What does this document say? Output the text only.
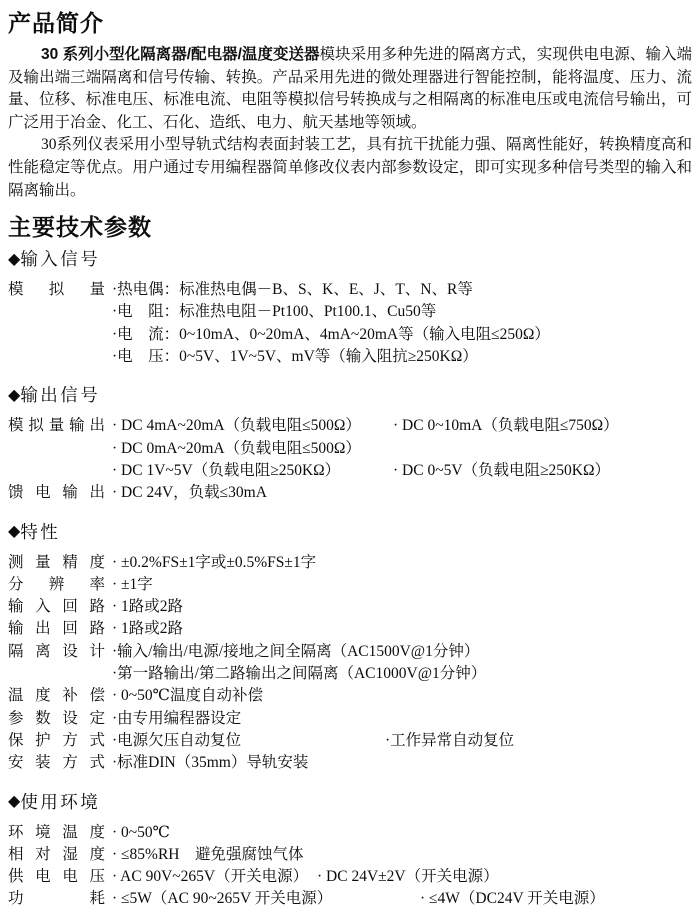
产品简介

30 系列小型化隔离器/配电器/温度变送器模块采用多种先进的隔离方式，实现供电电源、输入端及输出端三端隔离和信号传输、转换。产品采用先进的微处理器进行智能控制，能将温度、压力、流量、位移、标准电压、标准电流、电阻等模拟信号转换成与之相隔离的标准电压或电流信号输出，可广泛用于冶金、化工、石化、造纸、电力、航天基地等领域。

30系列仪表采用小型导轨式结构表面封装工艺，具有抗干扰能力强、隔离性能好，转换精度高和性能稳定等优点。用户通过专用编程器简单修改仪表内部参数设定，即可实现多种信号类型的输入和隔离输出。

主要技术参数
◆ 输入信号
模拟量 ·热电偶：标准热电偶－B、S、K、E、J、T、N、R等
·电　阻：标准热电阻－Pt100、Pt100.1、Cu50等
·电　流：0~10mA、0~20mA、4mA~20mA等（输入电阻≤250Ω）
·电　压：0~5V、1V~5V、mV等（输入阻抗≥250KΩ）
◆ 输出信号
模拟量输出 · DC 4mA~20mA（负载电阻≤500Ω） · DC 0~10mA（负载电阻≤750Ω）
· DC 0mA~20mA（负载电阻≤500Ω）
· DC 1V~5V（负载电阻≥250KΩ）	· DC 0~5V（负载电阻≥250KΩ）
馈电输出 · DC 24V，负载≤30mA
◆ 特性
测量精度 · ±0.2%FS±1字或±0.5%FS±1字
分辨率 · ±1字
输入回路 · 1路或2路
输出回路 · 1路或2路
隔离设计 ·输入/输出/电源/接地之间全隔离（AC1500V@1分钟）
·第一路输出/第二路输出之间隔离（AC1000V@1分钟）
温度补偿 · 0~50℃温度自动补偿
参数设定 ·由专用编程器设定
保护方式 ·电源欠压自动复位	·工作异常自动复位
安装方式 ·标准DIN（35mm）导轨安装
◆ 使用环境
环境温度 · 0~50℃
相对湿度 · ≤85%RH　避免强腐蚀气体
供电电压 · AC 90V~265V（开关电源） · DC 24V±2V（开关电源）
功耗 · ≤5W（AC 90~265V 开关电源）	· ≤4W（DC24V 开关电源）
